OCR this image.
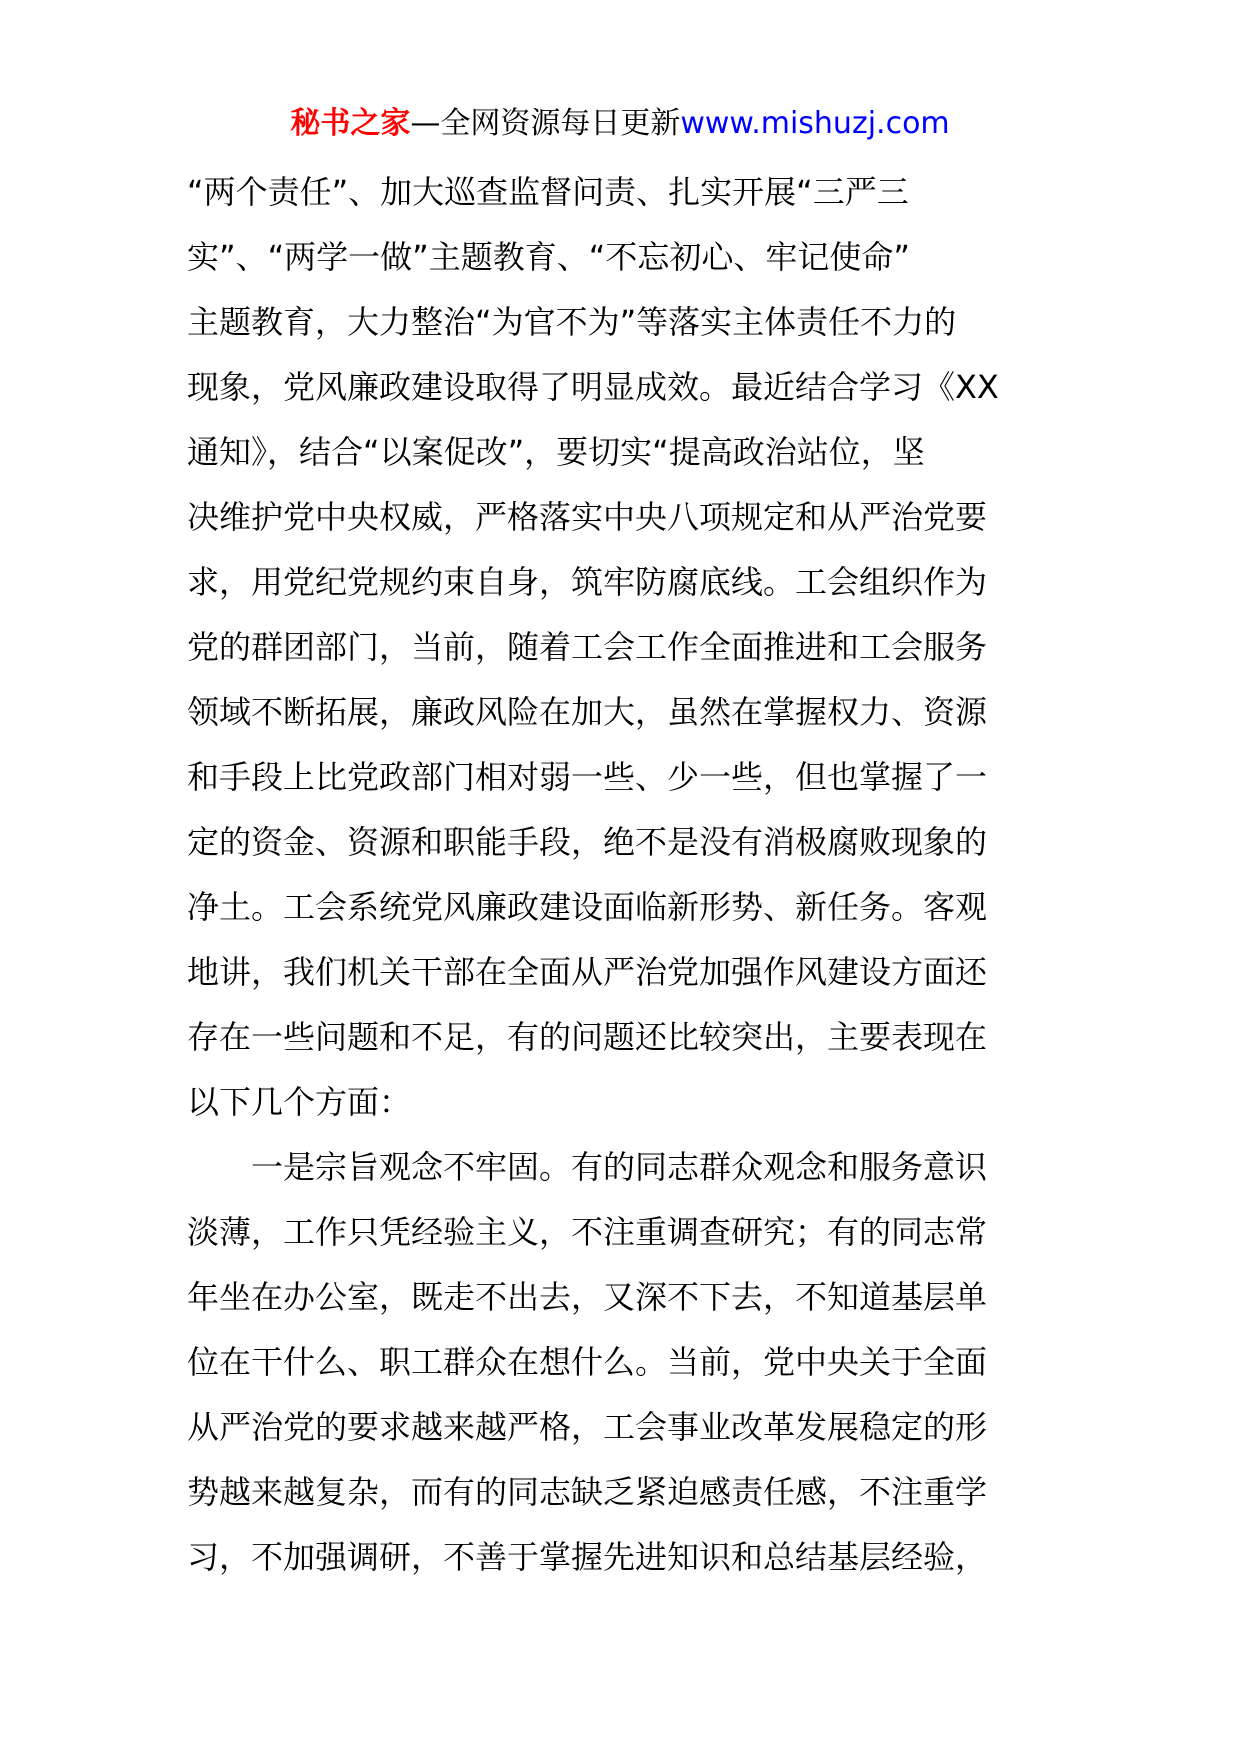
秘书之家—全网资源每日更新www.mishuzj.com
“两个责任”、加大巡查监督问责、扎实开展“三严三
实”、“两学一做”主题教育、“不忘初心、牢记使命”
主题教育，大力整治“为官不为”等落实主体责任不力的
现象，党风廉政建设取得了明显成效。最近结合学习《XX
通知》，结合“以案促改”，要切实“提高政治站位，坚
决维护党中央权威，严格落实中央八项规定和从严治党要
求，用党纪党规约束自身，筑牢防腐底线。工会组织作为
党的群团部门，当前，随着工会工作全面推进和工会服务
领域不断拓展，廉政风险在加大，虽然在掌握权力、资源
和手段上比党政部门相对弱一些、少一些，但也掌握了一
定的资金、资源和职能手段，绝不是没有消极腐败现象的
净土。工会系统党风廉政建设面临新形势、新任务。客观
地讲，我们机关干部在全面从严治党加强作风建设方面还
存在一些问题和不足，有的问题还比较突出，主要表现在
以下几个方面：
一是宗旨观念不牢固。有的同志群众观念和服务意识
淡薄，工作只凭经验主义，不注重调查研究；有的同志常
年坐在办公室，既走不出去，又深不下去，不知道基层单
位在干什么、职工群众在想什么。当前，党中央关于全面
从严治党的要求越来越严格，工会事业改革发展稳定的形
势越来越复杂，而有的同志缺乏紧迫感责任感，不注重学
习，不加强调研，不善于掌握先进知识和总结基层经验，
